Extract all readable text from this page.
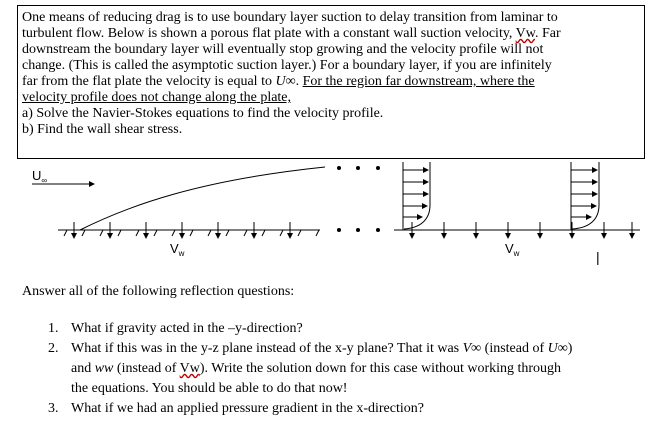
One means of reducing drag is to use boundary layer suction to delay transition from laminar to

turbulent flow. Below is shown a porous flat plate with a constant wall suction velocity, Vw. Far

downstream the boundary layer will eventually stop growing and the velocity profile will not

change. (This is called the asymptotic suction layer.) For a boundary layer, if you are infinitely

far from the flat plate the velocity is equal to U∞. For the region far downstream, where the

velocity profile does not change along the plate,

a) Solve the Navier-Stokes equations to find the velocity profile.

b) Find the wall shear stress.

$U_\infty$
$V_w$	$V_w$	|
Answer all of the following reflection questions:
1. What if gravity acted in the –y-direction?
2. What if this was in the y-z plane instead of the x-y plane? That it was V∞ (instead of U∞)
and ww (instead of Vw). Write the solution down for this case without working through
the equations. You should be able to do that now!
3. What if we had an applied pressure gradient in the x-direction?
